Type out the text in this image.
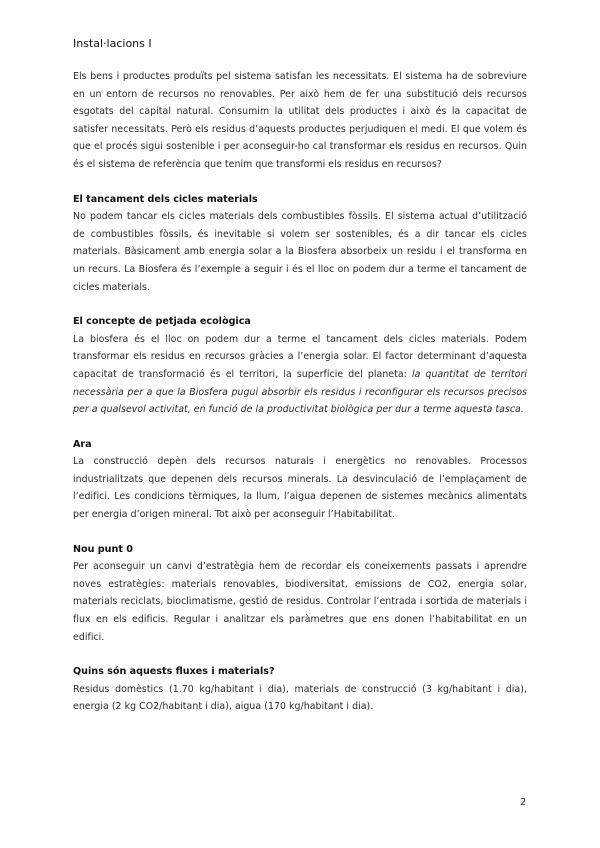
Instal·lacions I

Els bens i productes produïts pel sistema satisfan les necessitats. El sistema ha de sobreviure en un entorn de recursos no renovables. Per això hem de fer una substitució dels recursos esgotats del capital natural. Consumim la utilitat dels productes i això és la capacitat de satisfer necessitats. Però els residus d’aquests productes perjudiquen el medi. El que volem és que el procés sigui sostenible i per aconseguir-ho cal transformar els residus en recursos. Quin és el sistema de referència que tenim que transformi els residus en recursos?

El tancament dels cicles materials

No podem tancar els cicles materials dels combustibles fòssils. El sistema actual d’utilització de combustibles fòssils, és inevitable si volem ser sostenibles, és a dir tancar els cicles materials. Bàsicament amb energia solar a la Biosfera absorbeix un residu i el transforma en un recurs. La Biosfera és l’exemple a seguir i és el lloc on podem dur a terme el tancament de cicles materials.

El concepte de petjada ecològica

La biosfera és el lloc on podem dur a terme el tancament dels cicles materials. Podem transformar els residus en recursos gràcies a l’energia solar. El factor determinant d’aquesta capacitat de transformació és el territori, la superfície del planeta: la quantitat de territori necessària per a que la Biosfera pugui absorbir els residus i reconfigurar els recursos precisos per a qualsevol activitat, en funció de la productivitat biològica per dur a terme aquesta tasca.

Ara

La construcció depèn dels recursos naturals i energètics no renovables. Processos industrialitzats que depenen dels recursos minerals. La desvinculació de l’emplaçament de l’edifici. Les condicions tèrmiques, la llum, l’aigua depenen de sistemes mecànics alimentats per energia d’origen mineral. Tot això per aconseguir l’Habitabilitat.

Nou punt 0

Per aconseguir un canvi d’estratègia hem de recordar els coneixements passats i aprendre noves estratègies: materials renovables, biodiversitat, emissions de CO2, energia solar, materials reciclats, bioclimatisme, gestió de residus. Controlar l’entrada i sortida de materials i flux en els edificis. Regular i analitzar els paràmetres que ens donen l’habitabilitat en un edifici.

Quins són aquests fluxes i materials?

Residus domèstics (1.70 kg/habitant i dia), materials de construcció (3 kg/habitant i dia), energia (2 kg CO2/habitant i dia), aigua (170 kg/habitant i dia).

2
